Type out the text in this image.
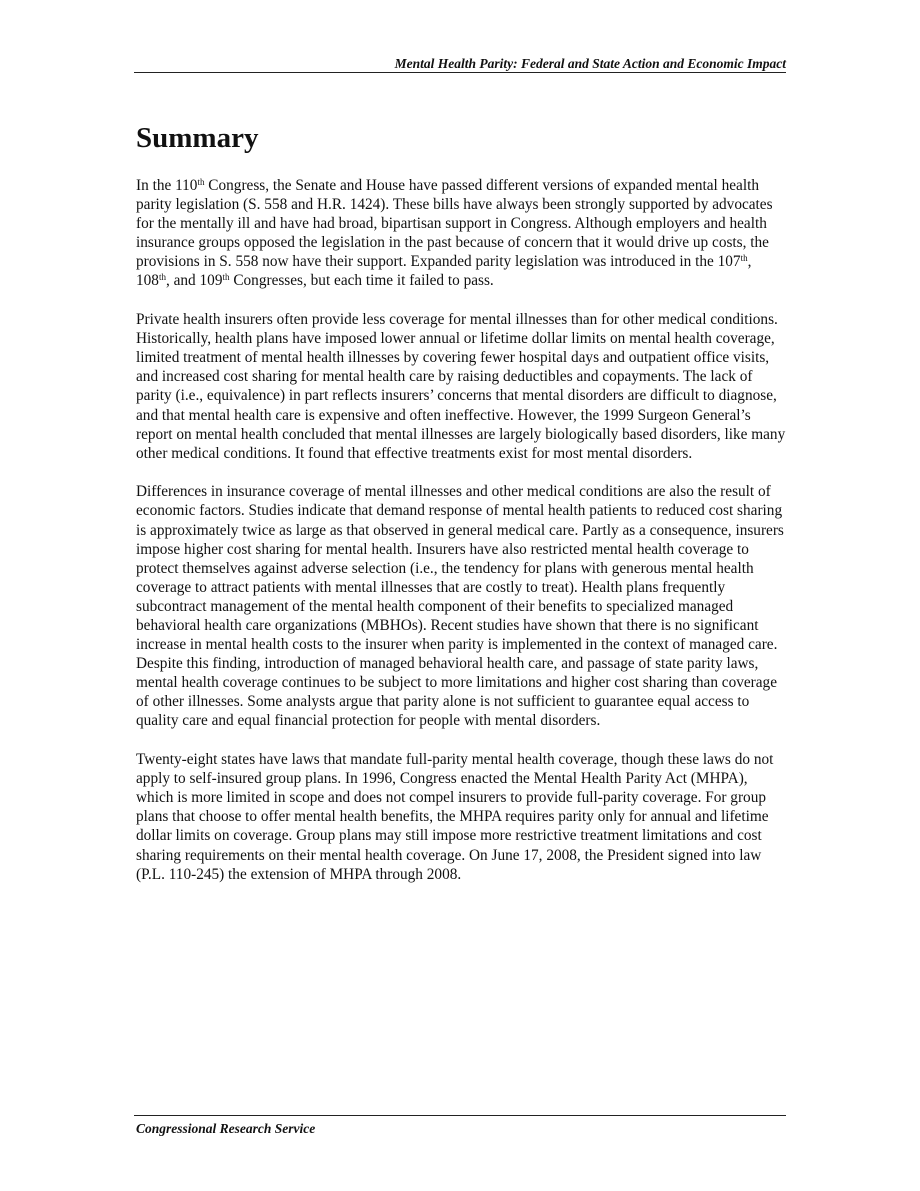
Mental Health Parity: Federal and State Action and Economic Impact
Summary

In the 110th Congress, the Senate and House have passed different versions of expanded mental health parity legislation (S. 558 and H.R. 1424). These bills have always been strongly supported by advocates for the mentally ill and have had broad, bipartisan support in Congress. Although employers and health insurance groups opposed the legislation in the past because of concern that it would drive up costs, the provisions in S. 558 now have their support. Expanded parity legislation was introduced in the 107th, 108th, and 109th Congresses, but each time it failed to pass.

Private health insurers often provide less coverage for mental illnesses than for other medical conditions. Historically, health plans have imposed lower annual or lifetime dollar limits on mental health coverage, limited treatment of mental health illnesses by covering fewer hospital days and outpatient office visits, and increased cost sharing for mental health care by raising deductibles and copayments. The lack of parity (i.e., equivalence) in part reflects insurers’ concerns that mental disorders are difficult to diagnose, and that mental health care is expensive and often ineffective. However, the 1999 Surgeon General’s report on mental health concluded that mental illnesses are largely biologically based disorders, like many other medical conditions. It found that effective treatments exist for most mental disorders.

Differences in insurance coverage of mental illnesses and other medical conditions are also the result of economic factors. Studies indicate that demand response of mental health patients to reduced cost sharing is approximately twice as large as that observed in general medical care. Partly as a consequence, insurers impose higher cost sharing for mental health. Insurers have also restricted mental health coverage to protect themselves against adverse selection (i.e., the tendency for plans with generous mental health coverage to attract patients with mental illnesses that are costly to treat). Health plans frequently subcontract management of the mental health component of their benefits to specialized managed behavioral health care organizations (MBHOs). Recent studies have shown that there is no significant increase in mental health costs to the insurer when parity is implemented in the context of managed care. Despite this finding, introduction of managed behavioral health care, and passage of state parity laws, mental health coverage continues to be subject to more limitations and higher cost sharing than coverage of other illnesses. Some analysts argue that parity alone is not sufficient to guarantee equal access to quality care and equal financial protection for people with mental disorders.

Twenty-eight states have laws that mandate full-parity mental health coverage, though these laws do not apply to self-insured group plans. In 1996, Congress enacted the Mental Health Parity Act (MHPA), which is more limited in scope and does not compel insurers to provide full-parity coverage. For group plans that choose to offer mental health benefits, the MHPA requires parity only for annual and lifetime dollar limits on coverage. Group plans may still impose more restrictive treatment limitations and cost sharing requirements on their mental health coverage. On June 17, 2008, the President signed into law (P.L. 110-245) the extension of MHPA through 2008.

Congressional Research Service
